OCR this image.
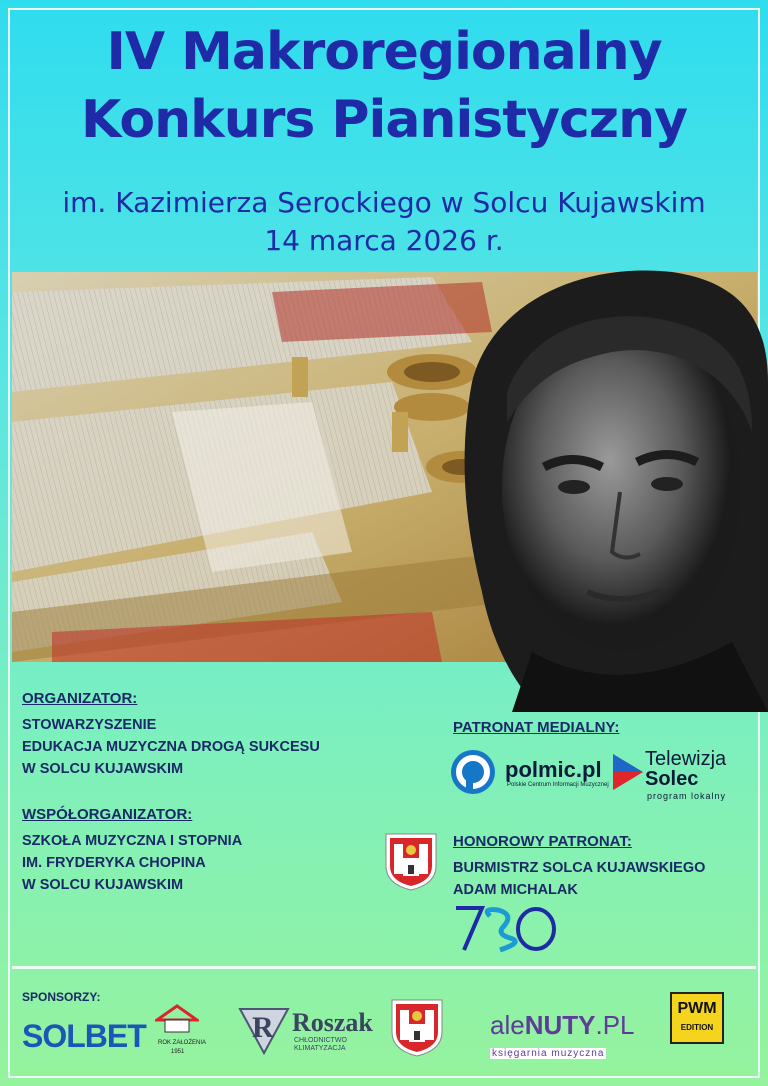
IV Makroregionalny
Konkurs Pianistyczny
im. Kazimierza Serockiego w Solcu Kujawskim
14 marca 2026 r.
ORGANIZATOR:
STOWARZYSZENIE
EDUKACJA MUZYCZNA DROGĄ SUKCESU
W SOLCU KUJAWSKIM
WSPÓŁORGANIZATOR:
SZKOŁA MUZYCZNA I STOPNIA
IM. FRYDERYKA CHOPINA
W SOLCU KUJAWSKIM
PATRONAT MEDIALNY:
polmic.pl
Polskie Centrum Informacji Muzycznej
Telewizja
Solec
program lokalny
HONOROWY PATRONAT:
BURMISTRZ SOLCA KUJAWSKIEGO
ADAM MICHALAK
SPONSORZY:
SOLBET ROK ZAŁOŻENIA
1951
R Roszak
CHŁODNICTWO
KLIMATYZACJA
aleNUTY.PL księgarnia muzyczna
PWM
EDITION
